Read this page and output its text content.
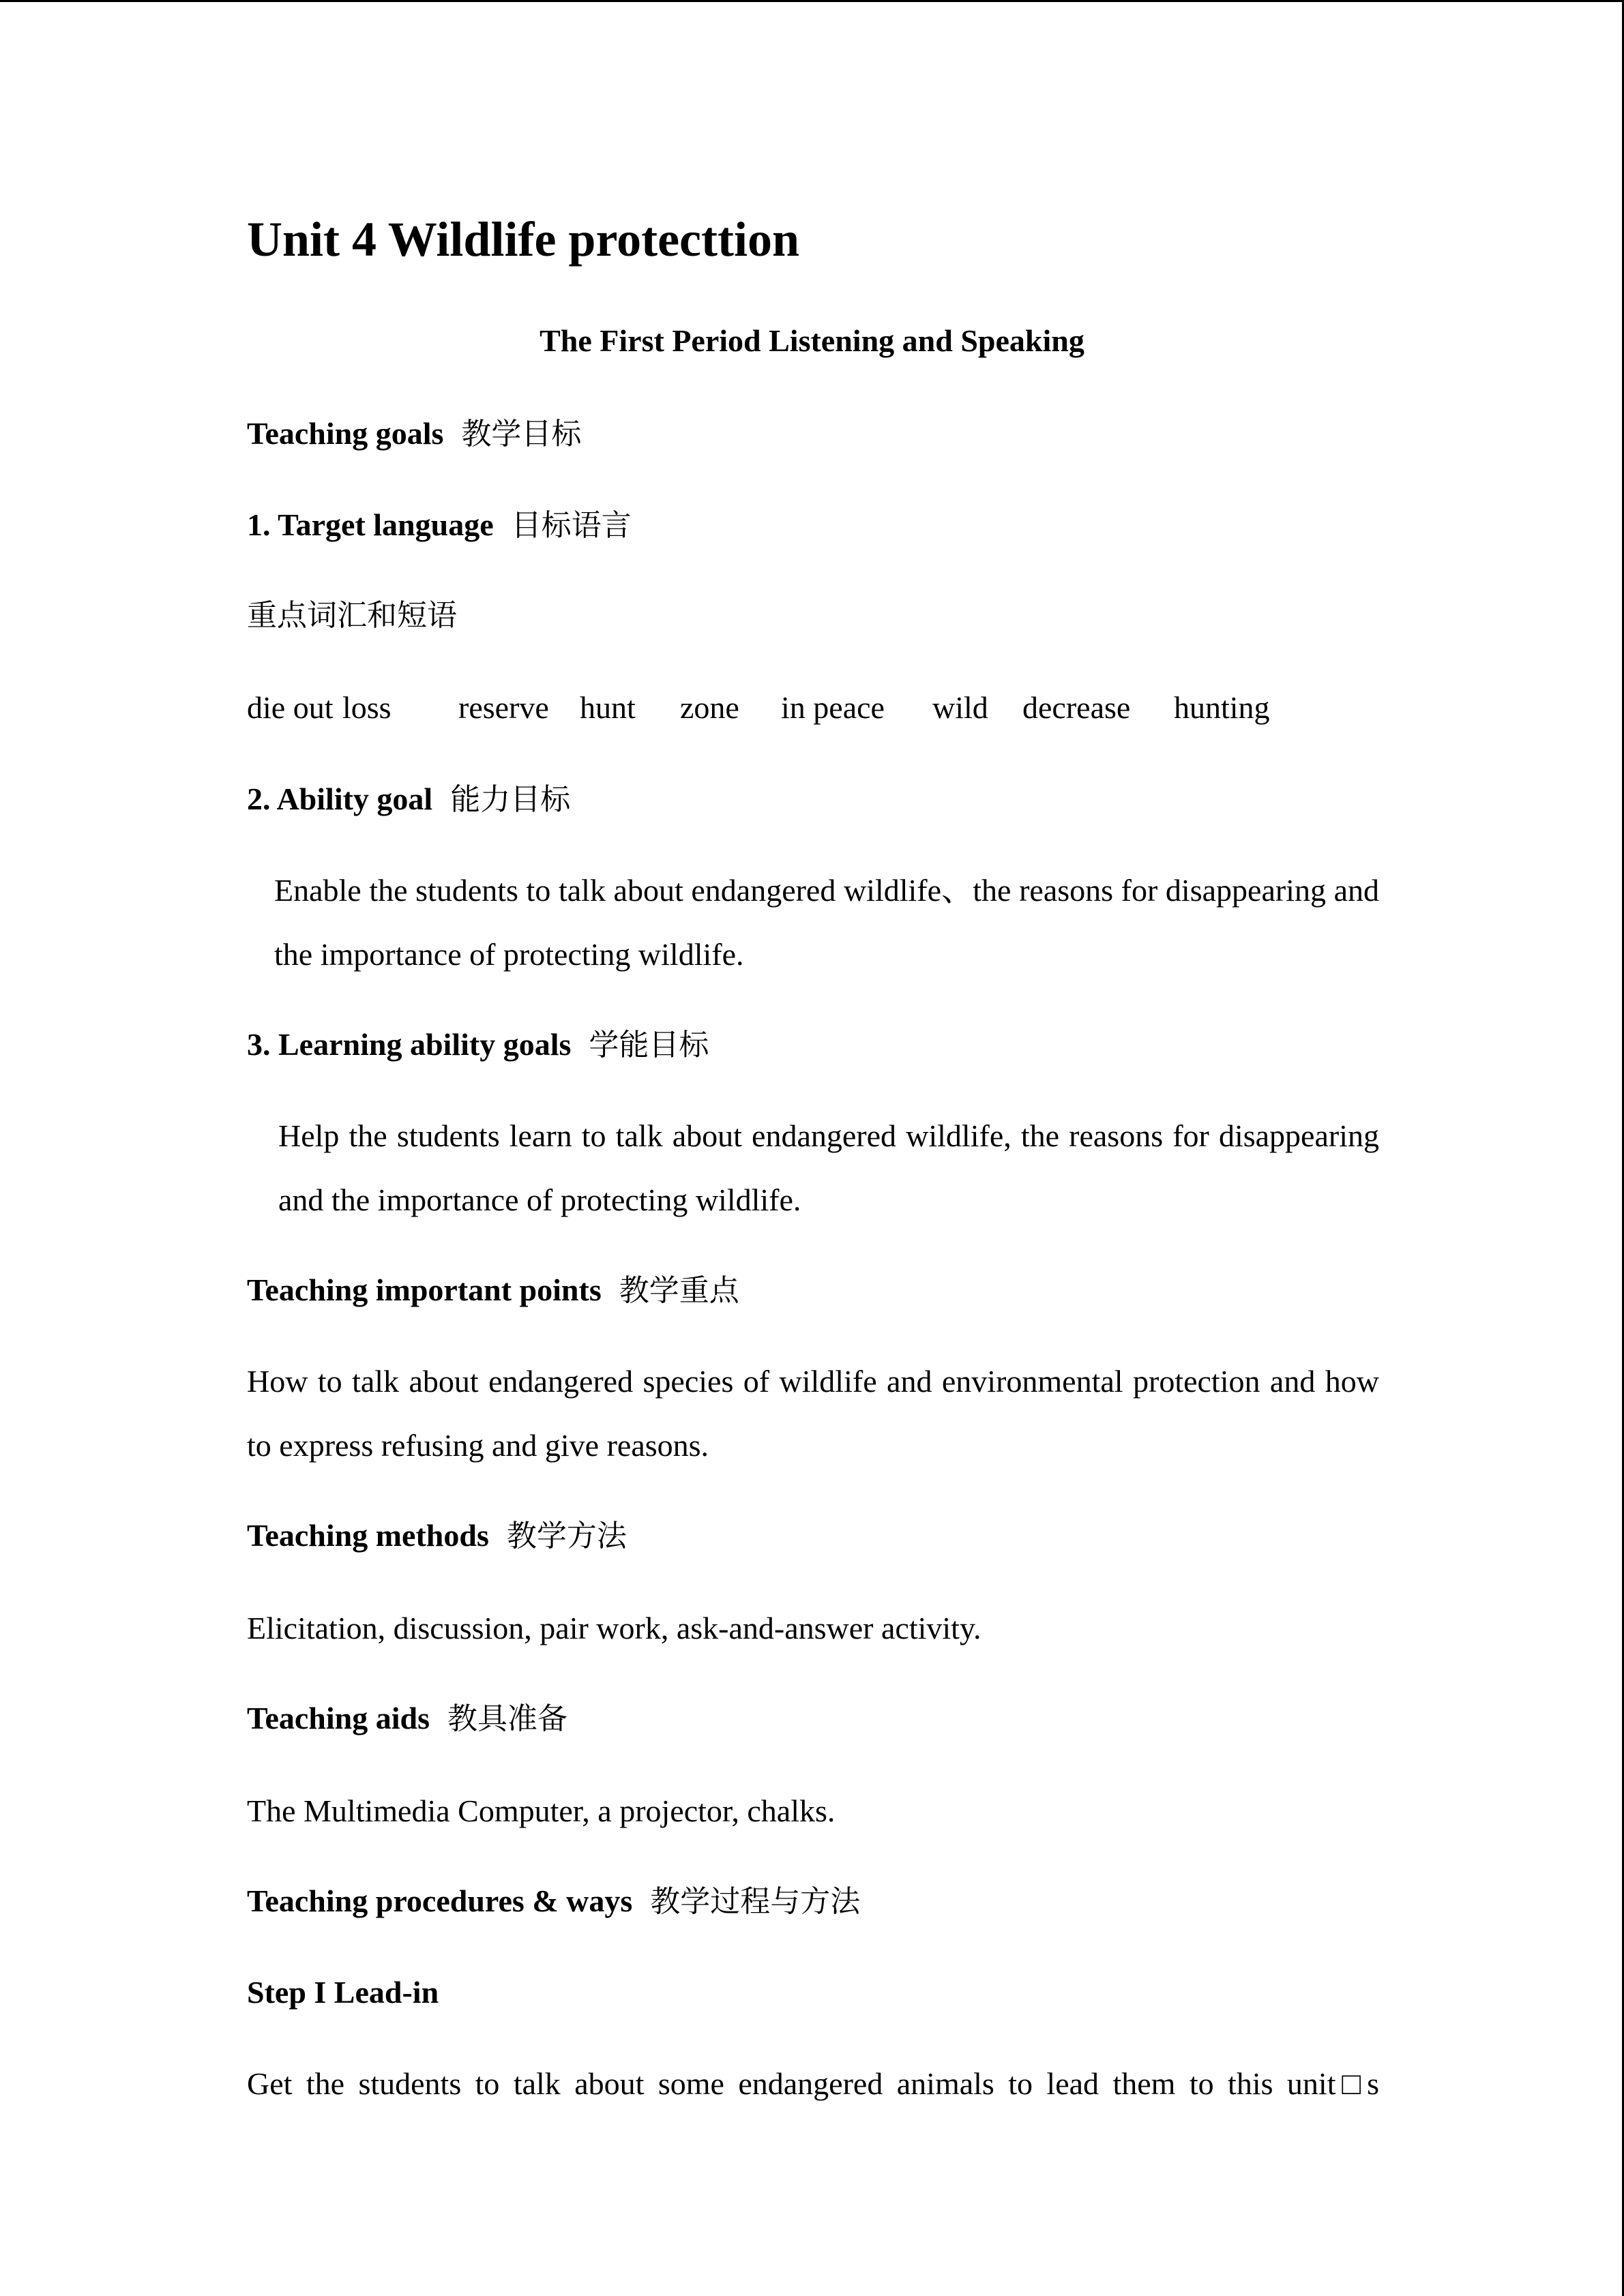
Unit 4 Wildlife protecttion
The First Period Listening and Speaking
Teaching goals 教学目标
1. Target language 目标语言
重点词汇和短语
die out loss	reserve hunt	zone	in peace	wild	decrease	hunting
2. Ability goal 能力目标
Enable the students to talk about endangered wildlife、the reasons for disappearing and the importance of protecting wildlife.
3. Learning ability goals 学能目标
Help the students learn to talk about endangered wildlife, the reasons for disappearing and the importance of protecting wildlife.
Teaching important points 教学重点
How to talk about endangered species of wildlife and environmental protection and how to express refusing and give reasons.
Teaching methods 教学方法
Elicitation, discussion, pair work, ask-and-answer activity.
Teaching aids 教具准备
The Multimedia Computer, a projector, chalks.
Teaching procedures & ways 教学过程与方法
Step I Lead-in
Get the students to talk about some endangered animals to lead them to this unit□s
